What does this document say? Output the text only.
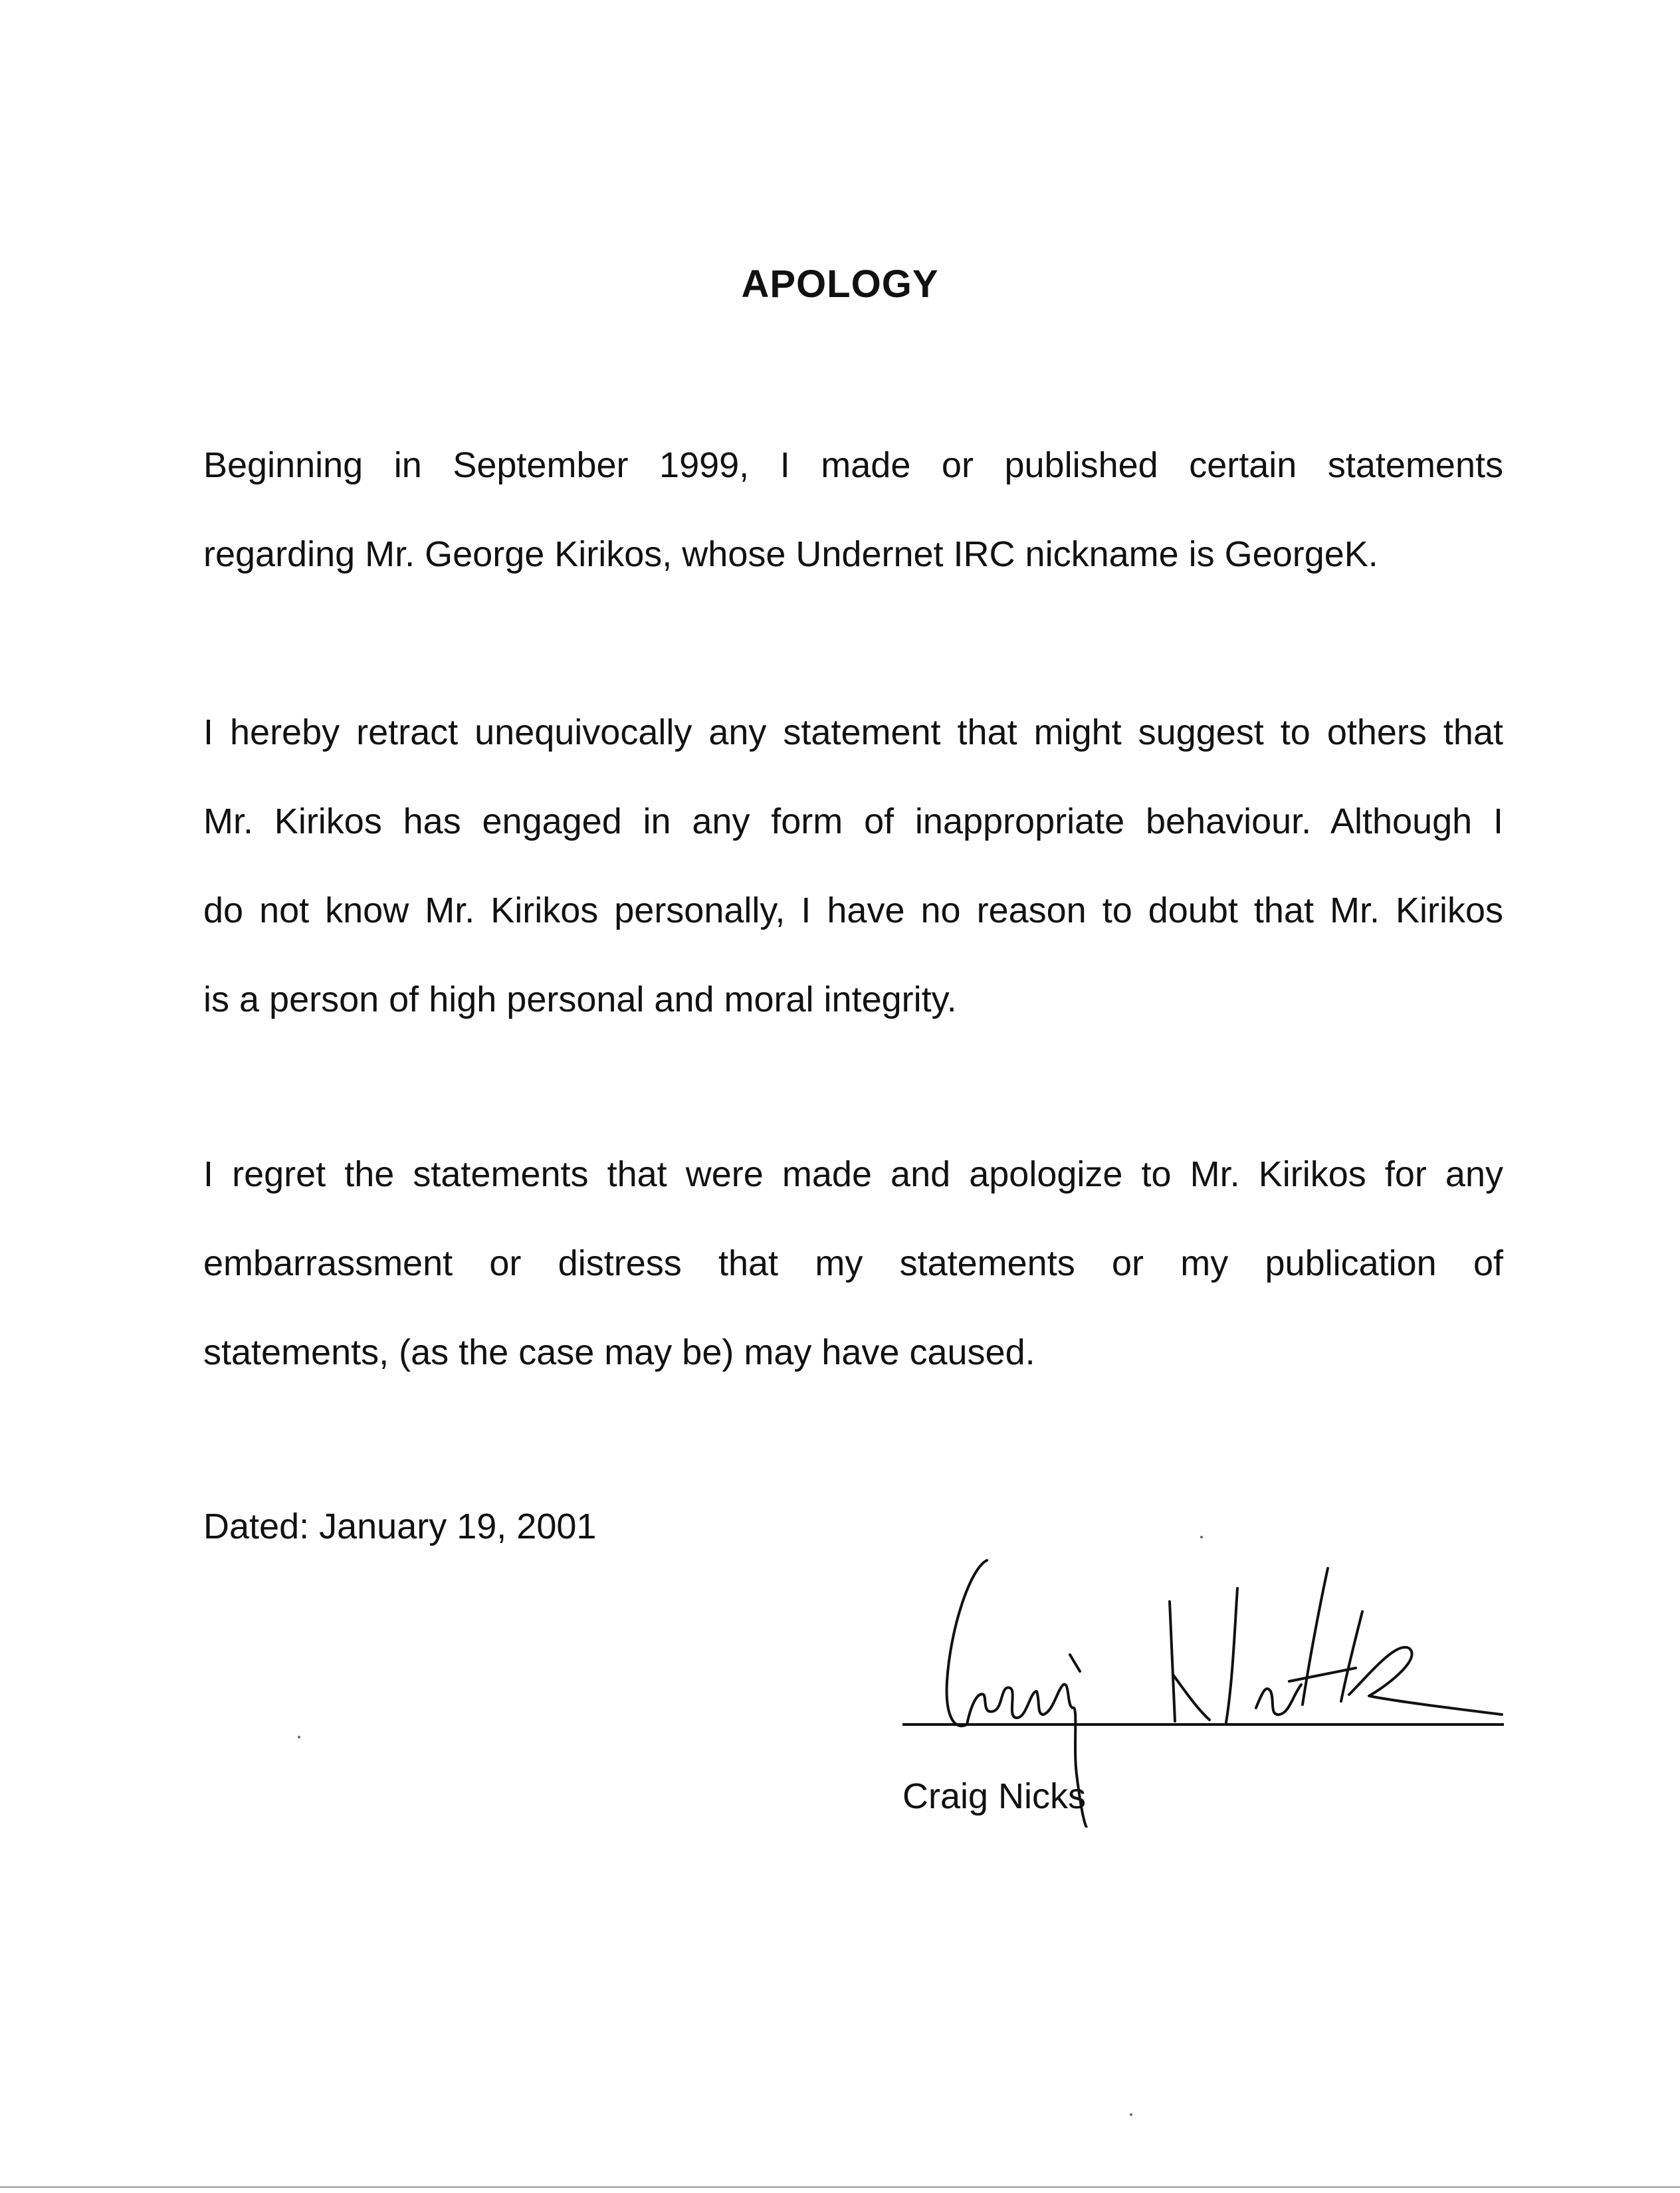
APOLOGY
Beginning in September 1999, I made or published certain statements
regarding Mr. George Kirikos, whose Undernet IRC nickname is GeorgeK.
I hereby retract unequivocally any statement that might suggest to others that
Mr. Kirikos has engaged in any form of inappropriate behaviour. Although I
do not know Mr. Kirikos personally, I have no reason to doubt that Mr. Kirikos
is a person of high personal and moral integrity.
I regret the statements that were made and apologize to Mr. Kirikos for any
embarrassment or distress that my statements or my publication of
statements, (as the case may be) may have caused.
Dated: January 19, 2001
Craig Nicks
